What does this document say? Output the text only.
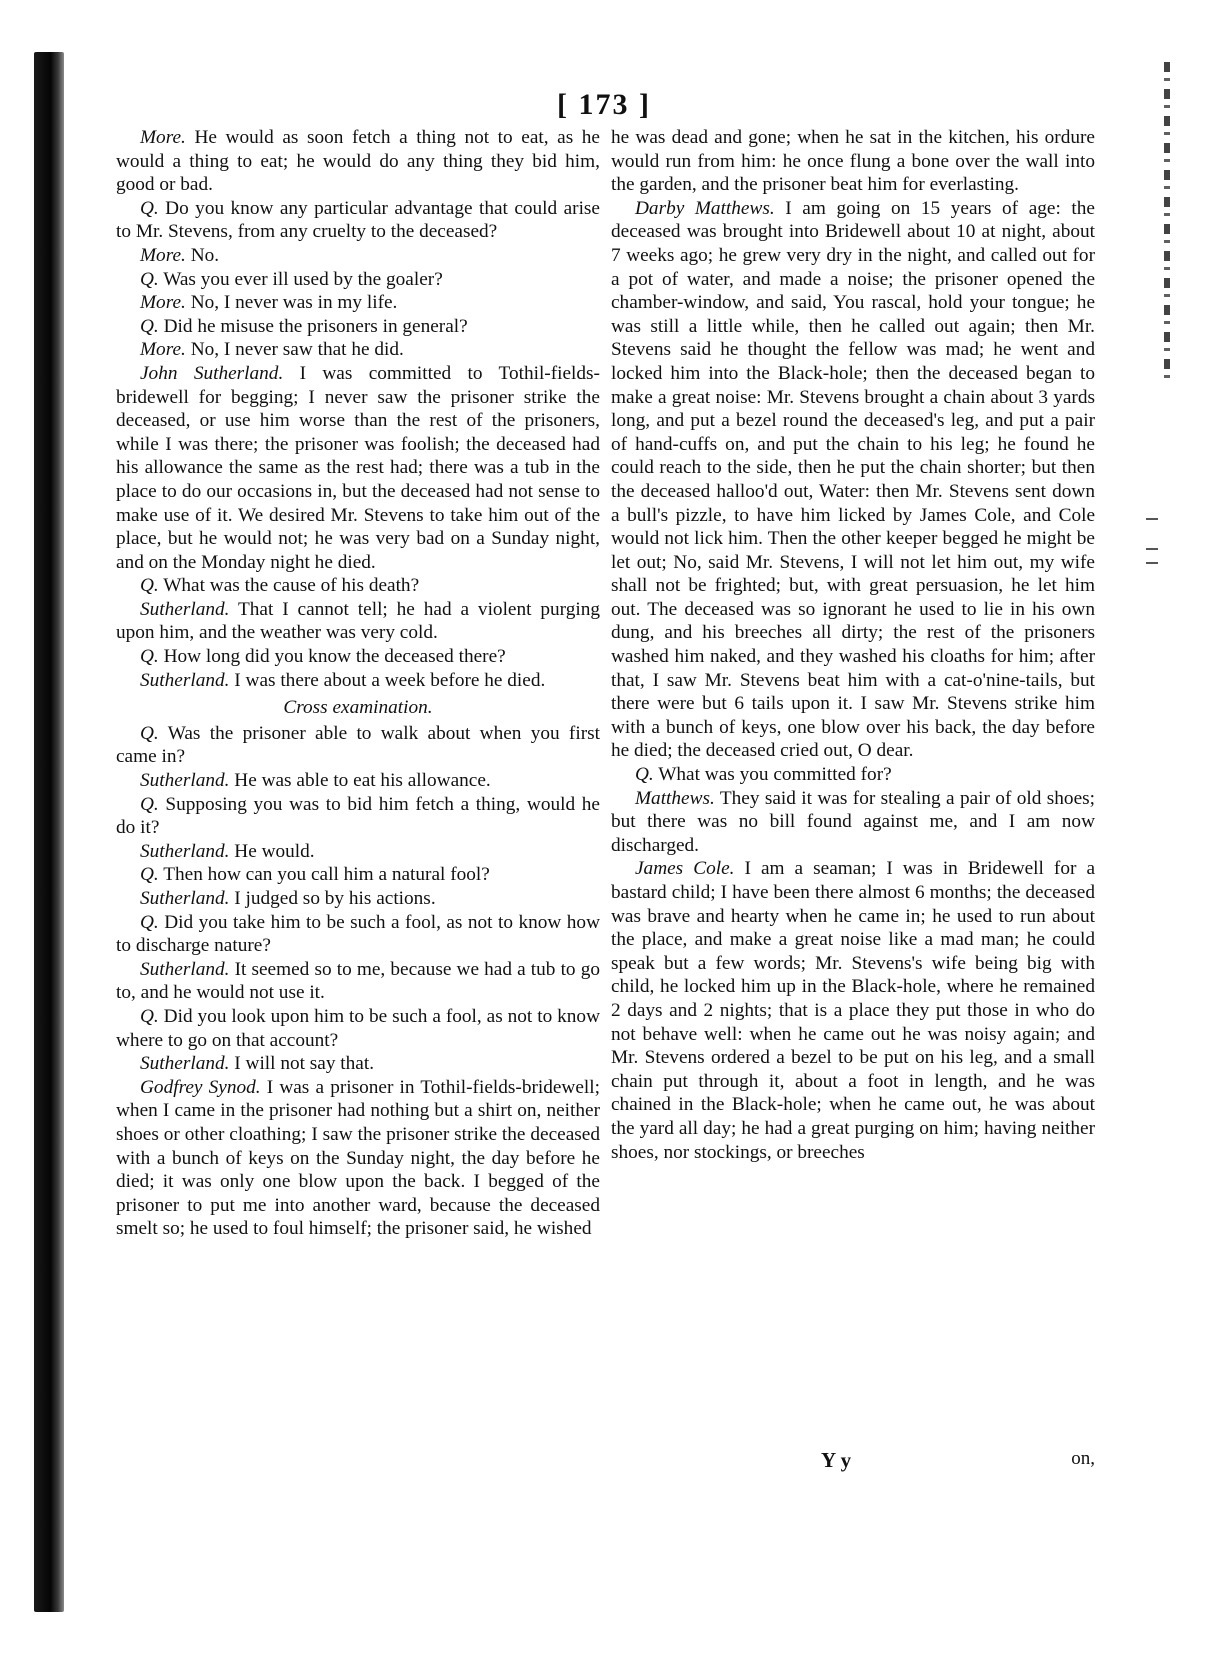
[ 173 ]

More. He would as soon fetch a thing not to eat, as he would a thing to eat; he would do any thing they bid him, good or bad.

Q. Do you know any particular advantage that could arise to Mr. Stevens, from any cruelty to the deceased?

More. No.

Q. Was you ever ill used by the goaler?

More. No, I never was in my life.

Q. Did he misuse the prisoners in general?

More. No, I never saw that he did.

John Sutherland. I was committed to Tothil-fields-bridewell for begging; I never saw the prisoner strike the deceased, or use him worse than the rest of the prisoners, while I was there; the prisoner was foolish; the deceased had his allowance the same as the rest had; there was a tub in the place to do our occasions in, but the deceased had not sense to make use of it. We desired Mr. Stevens to take him out of the place, but he would not; he was very bad on a Sunday night, and on the Monday night he died.

Q. What was the cause of his death?

Sutherland. That I cannot tell; he had a violent purging upon him, and the weather was very cold.

Q. How long did you know the deceased there?

Sutherland. I was there about a week before he died.

Cross examination.

Q. Was the prisoner able to walk about when you first came in?

Sutherland. He was able to eat his allowance.

Q. Supposing you was to bid him fetch a thing, would he do it?

Sutherland. He would.

Q. Then how can you call him a natural fool?

Sutherland. I judged so by his actions.

Q. Did you take him to be such a fool, as not to know how to discharge nature?

Sutherland. It seemed so to me, because we had a tub to go to, and he would not use it.

Q. Did you look upon him to be such a fool, as not to know where to go on that account?

Sutherland. I will not say that.

Godfrey Synod. I was a prisoner in Tothil-fields-bridewell; when I came in the prisoner had nothing but a shirt on, neither shoes or other cloathing; I saw the prisoner strike the deceased with a bunch of keys on the Sunday night, the day before he died; it was only one blow upon the back. I begged of the prisoner to put me into another ward, because the deceased smelt so; he used to foul himself; the prisoner said, he wished

he was dead and gone; when he sat in the kitchen, his ordure would run from him: he once flung a bone over the wall into the garden, and the prisoner beat him for everlasting.

Darby Matthews. I am going on 15 years of age: the deceased was brought into Bridewell about 10 at night, about 7 weeks ago; he grew very dry in the night, and called out for a pot of water, and made a noise; the prisoner opened the chamber-window, and said, You rascal, hold your tongue; he was still a little while, then he called out again; then Mr. Stevens said he thought the fellow was mad; he went and locked him into the Black-hole; then the deceased began to make a great noise: Mr. Stevens brought a chain about 3 yards long, and put a bezel round the deceased's leg, and put a pair of hand-cuffs on, and put the chain to his leg; he found he could reach to the side, then he put the chain shorter; but then the deceased halloo'd out, Water: then Mr. Stevens sent down a bull's pizzle, to have him licked by James Cole, and Cole would not lick him. Then the other keeper begged he might be let out; No, said Mr. Stevens, I will not let him out, my wife shall not be frighted; but, with great persuasion, he let him out. The deceased was so ignorant he used to lie in his own dung, and his breeches all dirty; the rest of the prisoners washed him naked, and they washed his cloaths for him; after that, I saw Mr. Stevens beat him with a cat-o'nine-tails, but there were but 6 tails upon it. I saw Mr. Stevens strike him with a bunch of keys, one blow over his back, the day before he died; the deceased cried out, O dear.

Q. What was you committed for?

Matthews. They said it was for stealing a pair of old shoes; but there was no bill found against me, and I am now discharged.

James Cole. I am a seaman; I was in Bridewell for a bastard child; I have been there almost 6 months; the deceased was brave and hearty when he came in; he used to run about the place, and make a great noise like a mad man; he could speak but a few words; Mr. Stevens's wife being big with child, he locked him up in the Black-hole, where he remained 2 days and 2 nights; that is a place they put those in who do not behave well: when he came out he was noisy again; and Mr. Stevens ordered a bezel to be put on his leg, and a small chain put through it, about a foot in length, and he was chained in the Black-hole; when he came out, he was about the yard all day; he had a great purging on him; having neither shoes, nor stockings, or breeches

Y y	on,
